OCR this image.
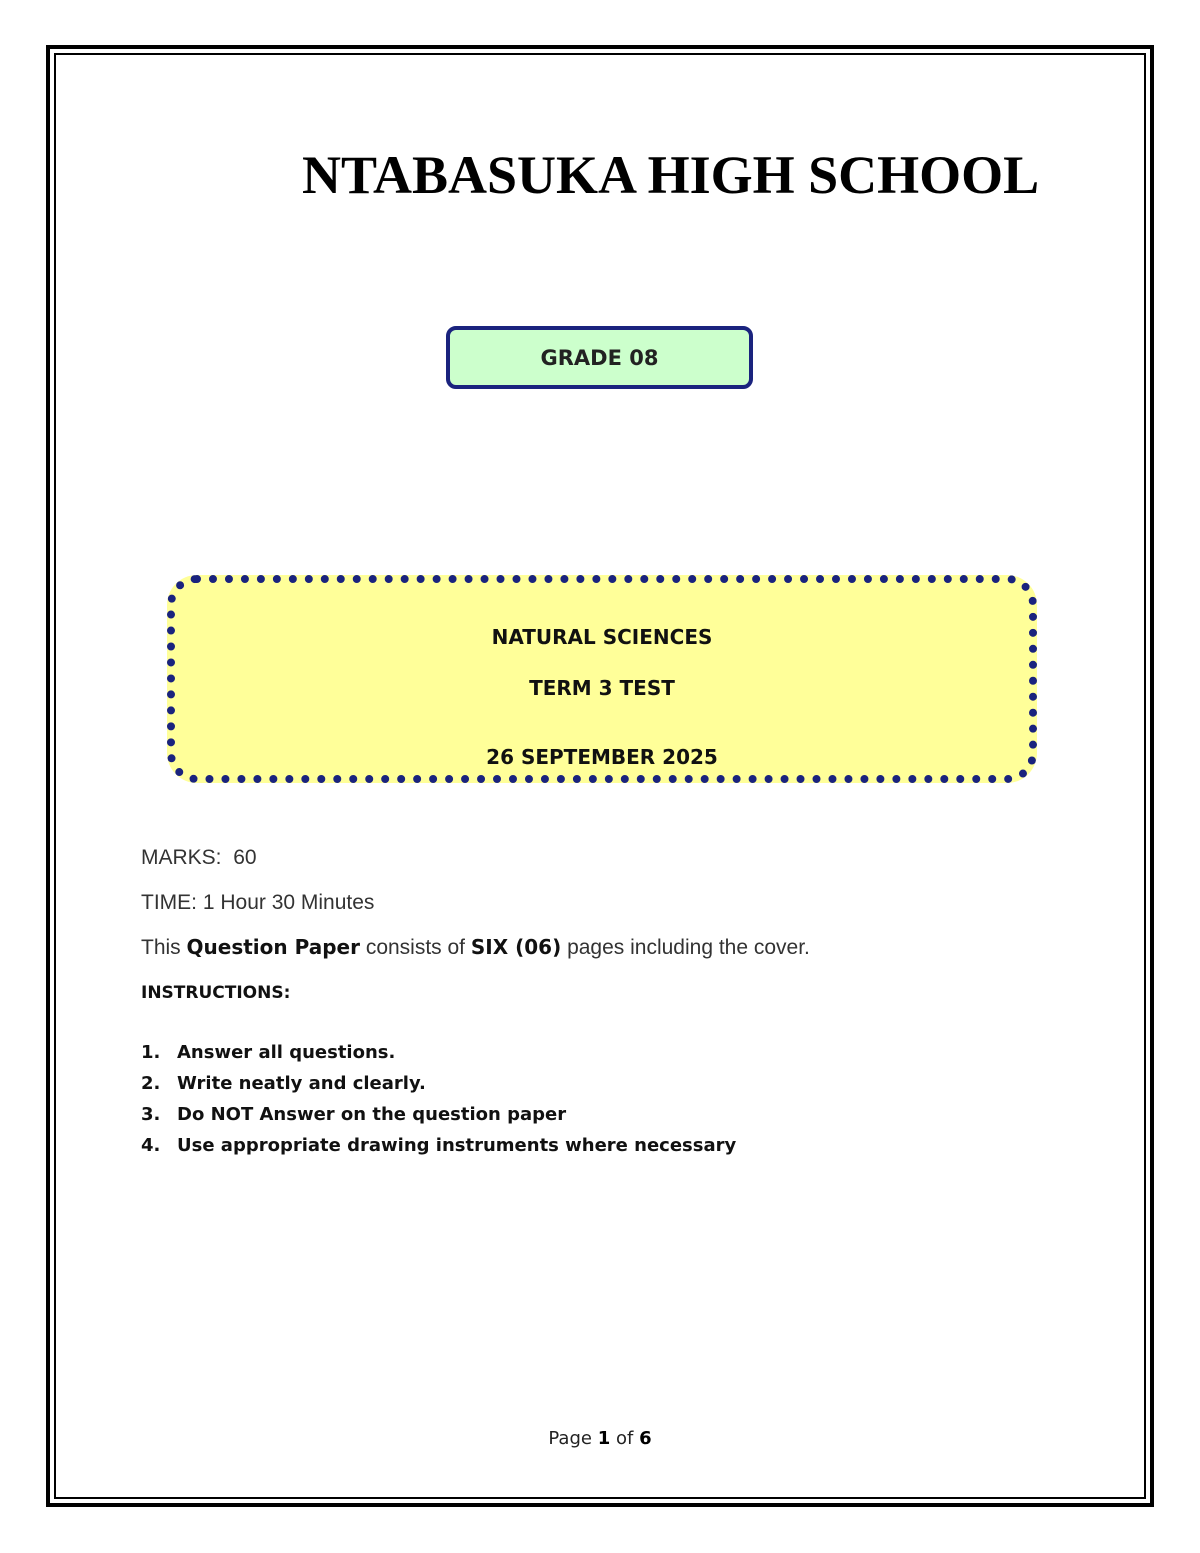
NTABASUKA HIGH SCHOOL
GRADE 08
NATURAL SCIENCES
TERM 3 TEST
26 SEPTEMBER 2025
MARKS: 60
TIME: 1 Hour 30 Minutes
This Question Paper consists of SIX (06) pages including the cover.
INSTRUCTIONS:
1. Answer all questions.
2. Write neatly and clearly.
3. Do NOT Answer on the question paper
4. Use appropriate drawing instruments where necessary
Page 1 of 6
